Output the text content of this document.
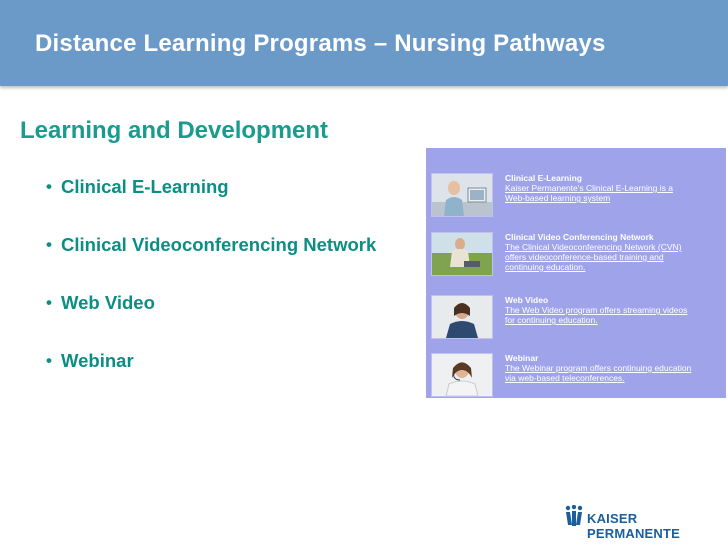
Distance Learning Programs – Nursing Pathways
Learning and Development
• Clinical E-Learning
• Clinical Videoconferencing Network
• Web Video
• Webinar
Clinical E-Learning
Kaiser Permanente's Clinical E-Learning is a Web-based learning system
Clinical Video Conferencing Network
The Clinical Videoconferencing Network (CVN) offers videoconference-based training and continuing education.
Web Video
The Web Video program offers streaming videos for continuing education.
Webinar
The Webinar program offers continuing education via web-based teleconferences.
KAISER PERMANENTE
